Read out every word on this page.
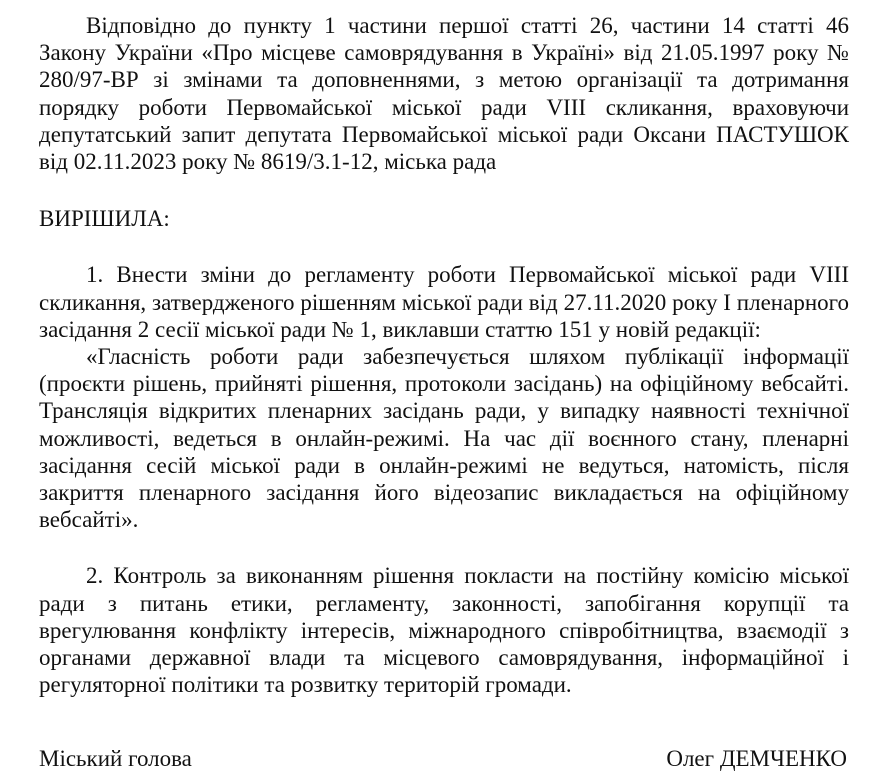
Відповідно до пункту 1 частини першої статті 26, частини 14 статті 46 Закону України «Про місцеве самоврядування в Україні» від 21.05.1997 року № 280/97-ВР зі змінами та доповненнями, з метою організації та дотримання порядку роботи Первомайської міської ради VIII скликання, враховуючи депутатський запит депутата Первомайської міської ради Оксани ПАСТУШОК від 02.11.2023 року № 8619/3.1-12, міська рада

ВИРІШИЛА:

1. Внести зміни до регламенту роботи Первомайської міської ради VIII скликання, затвердженого рішенням міської ради від 27.11.2020 року I пленарного засідання 2 сесії міської ради № 1, виклавши статтю 151 у новій редакції:

«Гласність роботи ради забезпечується шляхом публікації інформації (проєкти рішень, прийняті рішення, протоколи засідань) на офіційному вебсайті. Трансляція відкритих пленарних засідань ради, у випадку наявності технічної можливості, ведеться в онлайн-режимі. На час дії воєнного стану, пленарні засідання сесій міської ради в онлайн-режимі не ведуться, натомість, після закриття пленарного засідання його відеозапис викладається на офіційному вебсайті».

2. Контроль за виконанням рішення покласти на постійну комісію міської ради з питань етики, регламенту, законності, запобігання корупції та врегулювання конфлікту інтересів, міжнародного співробітництва, взаємодії з органами державної влади та місцевого самоврядування, інформаційної і регуляторної політики та розвитку територій громади.

Міський голова	Олег ДЕМЧЕНКО
